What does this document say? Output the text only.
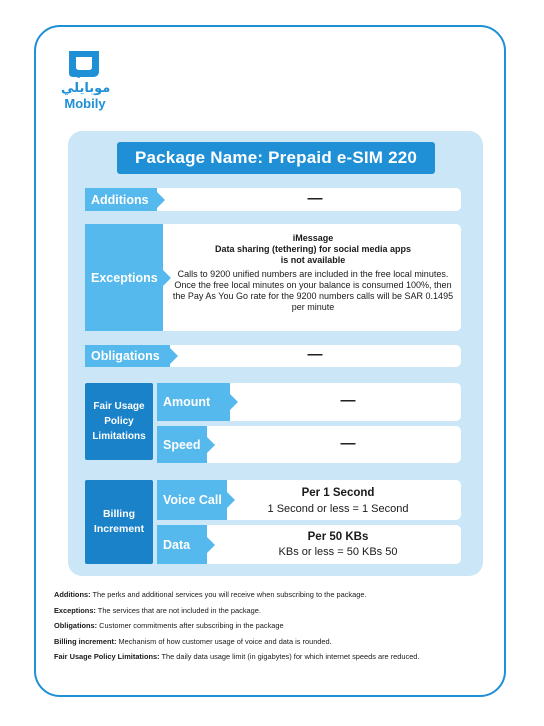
موبايلي
Mobily
Package Name: Prepaid e-SIM 220
Additions	—
Exceptions
iMessage
Data sharing (tethering) for social media apps
is not available
Calls to 9200 unified numbers are included in the free local minutes. Once the free local minutes on your balance is consumed 100%, then the Pay As You Go rate for the 9200 numbers calls will be SAR 0.1495 per minute
Obligations	—
Fair Usage Policy Limitations
Amount	—
Speed	—
Billing Increment
Voice Call	Per 1 Second
1 Second or less = 1 Second
Data
Per 50 KBs
KBs or less = 50 KBs 50

Additions: The perks and additional services you will receive when subscribing to the package.

Exceptions: The services that are not included in the package.

Obligations: Customer commitments after subscribing in the package

Billing increment: Mechanism of how customer usage of voice and data is rounded.

Fair Usage Policy Limitations: The daily data usage limit (in gigabytes) for which internet speeds are reduced.
